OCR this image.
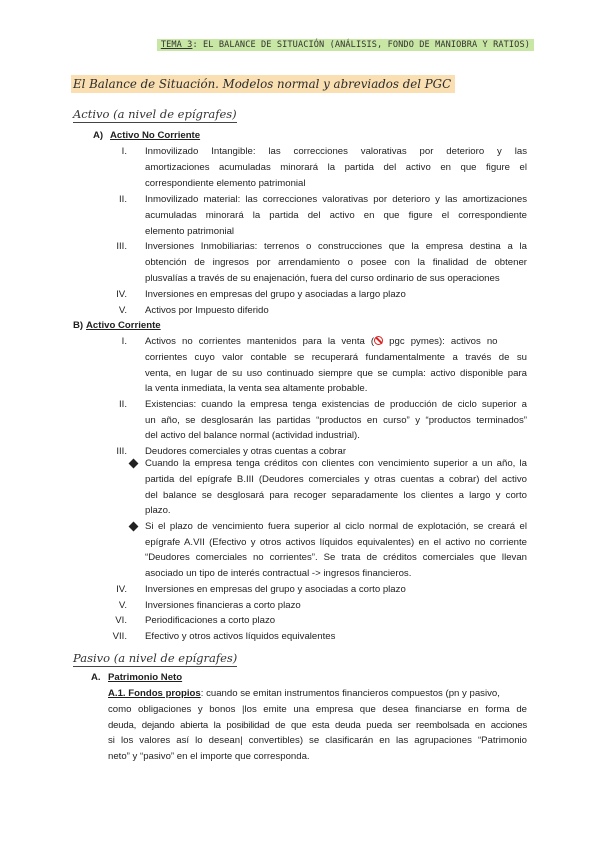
TEMA 3: EL BALANCE DE SITUACIÓN (ANÁLISIS, FONDO DE MANIOBRA Y RATIOS)
El Balance de Situación. Modelos normal y abreviados del PGC
Activo (a nivel de epígrafes)
A) Activo No Corriente
I. Inmovilizado Intangible: las correcciones valorativas por deterioro y las
amortizaciones acumuladas minorará la partida del activo en que figure el
correspondiente elemento patrimonial
II. Inmovilizado material: las correcciones valorativas por deterioro y las amortizaciones
acumuladas minorará la partida del activo en que figure el correspondiente
elemento patrimonial
III. Inversiones Inmobiliarias: terrenos o construcciones que la empresa destina a la
obtención de ingresos por arrendamiento o posee con la finalidad de obtener
plusvalías a través de su enajenación, fuera del curso ordinario de sus operaciones
IV. Inversiones en empresas del grupo y asociadas a largo plazo
V. Activos por Impuesto diferido
B) Activo Corriente
I. Activos no corrientes mantenidos para la venta ( pgc pymes): activos no
corrientes cuyo valor contable se recuperará fundamentalmente a través de su
venta, en lugar de su uso continuado siempre que se cumpla: activo disponible para
la venta inmediata, la venta sea altamente probable.
II. Existencias: cuando la empresa tenga existencias de producción de ciclo superior a
un año, se desglosarán las partidas “productos en curso” y “productos terminados”
del activo del balance normal (actividad industrial).
III. Deudores comerciales y otras cuentas a cobrar
Cuando la empresa tenga créditos con clientes con vencimiento superior a un año, la
partida del epígrafe B.III (Deudores comerciales y otras cuentas a cobrar) del activo
del balance se desglosará para recoger separadamente los clientes a largo y corto
plazo.
Si el plazo de vencimiento fuera superior al ciclo normal de explotación, se creará el
epígrafe A.VII (Efectivo y otros activos líquidos equivalentes) en el activo no corriente
“Deudores comerciales no corrientes”. Se trata de créditos comerciales que llevan
asociado un tipo de interés contractual -> ingresos financieros.
IV. Inversiones en empresas del grupo y asociadas a corto plazo
V. Inversiones financieras a corto plazo
VI. Periodificaciones a corto plazo
VII. Efectivo y otros activos líquidos equivalentes
Pasivo (a nivel de epígrafes)
A. Patrimonio Neto
A.1. Fondos propios: cuando se emitan instrumentos financieros compuestos (pn y pasivo,
como obligaciones y bonos |los emite una empresa que desea financiarse en forma de
deuda, dejando abierta la posibilidad de que esta deuda pueda ser reembolsada en acciones
si los valores así lo desean| convertibles) se clasificarán en las agrupaciones “Patrimonio
neto” y “pasivo” en el importe que corresponda.
